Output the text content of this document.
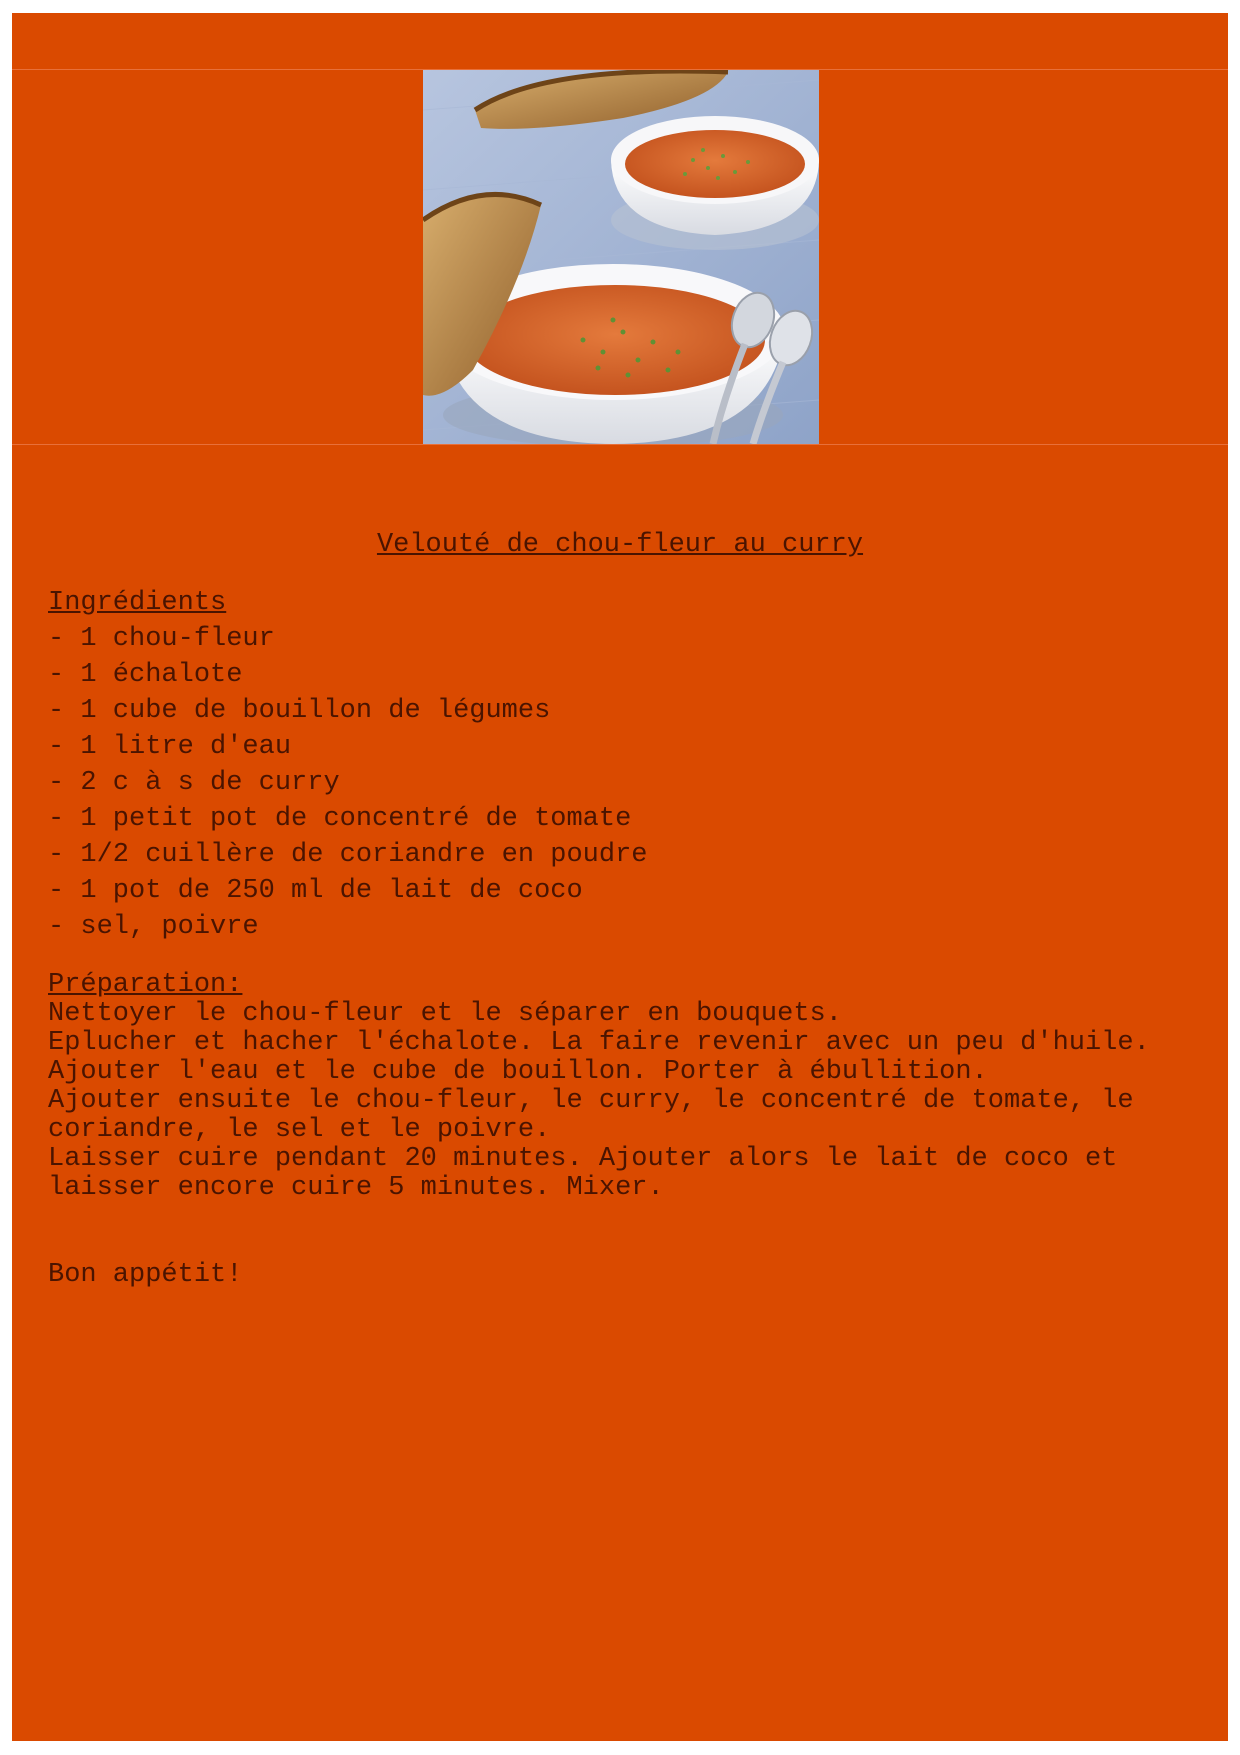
Velouté de chou-fleur au curry
Ingrédients
- 1 chou-fleur
- 1 échalote
- 1 cube de bouillon de légumes
- 1 litre d'eau
- 2 c à s de curry
- 1 petit pot de concentré de tomate
- 1/2 cuillère de coriandre en poudre
- 1 pot de 250 ml de lait de coco
- sel, poivre
Préparation:

Nettoyer le chou-fleur et le séparer en bouquets.

Eplucher et hacher l'échalote. La faire revenir avec un peu d'huile.

Ajouter l'eau et le cube de bouillon. Porter à ébullition.

Ajouter ensuite le chou-fleur, le curry, le concentré de tomate, le coriandre, le sel et le poivre.

Laisser cuire pendant 20 minutes. Ajouter alors le lait de coco et laisser encore cuire 5 minutes. Mixer.

Bon appétit!
